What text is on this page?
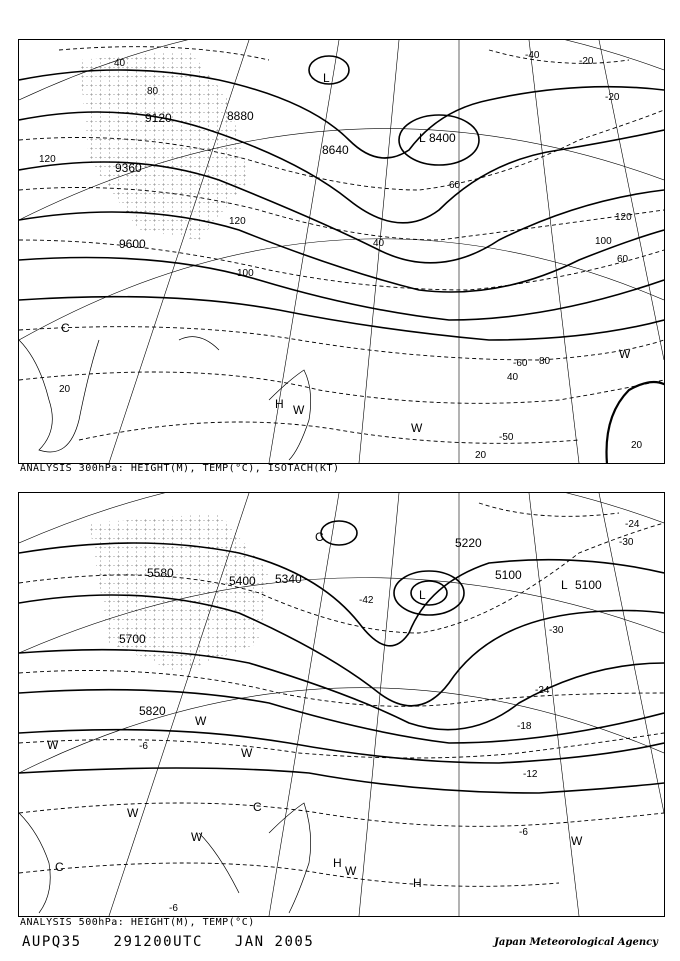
9120	8880
8640
8400
9360
9600
40
80
120
60
40
120
100
60
80
40
20
20
120
100
20
-40
-20
-20
-60
-50
L
L
W
W
H
C
W
ANALYSIS 300hPa: HEIGHT(M), TEMP(°C), ISOTACH(KT)
5580
5400 5340
5700
5820
5220
5100
5100
-30
-24
-18
-12
-6
-42
-30
-24
-6
-6
L
L
C
W
W
W
W	C
C	H
W
H
W	W
ANALYSIS 500hPa: HEIGHT(M), TEMP(°C)
AUPQ35 291200UTC JAN 2005	Japan Meteorological Agency
